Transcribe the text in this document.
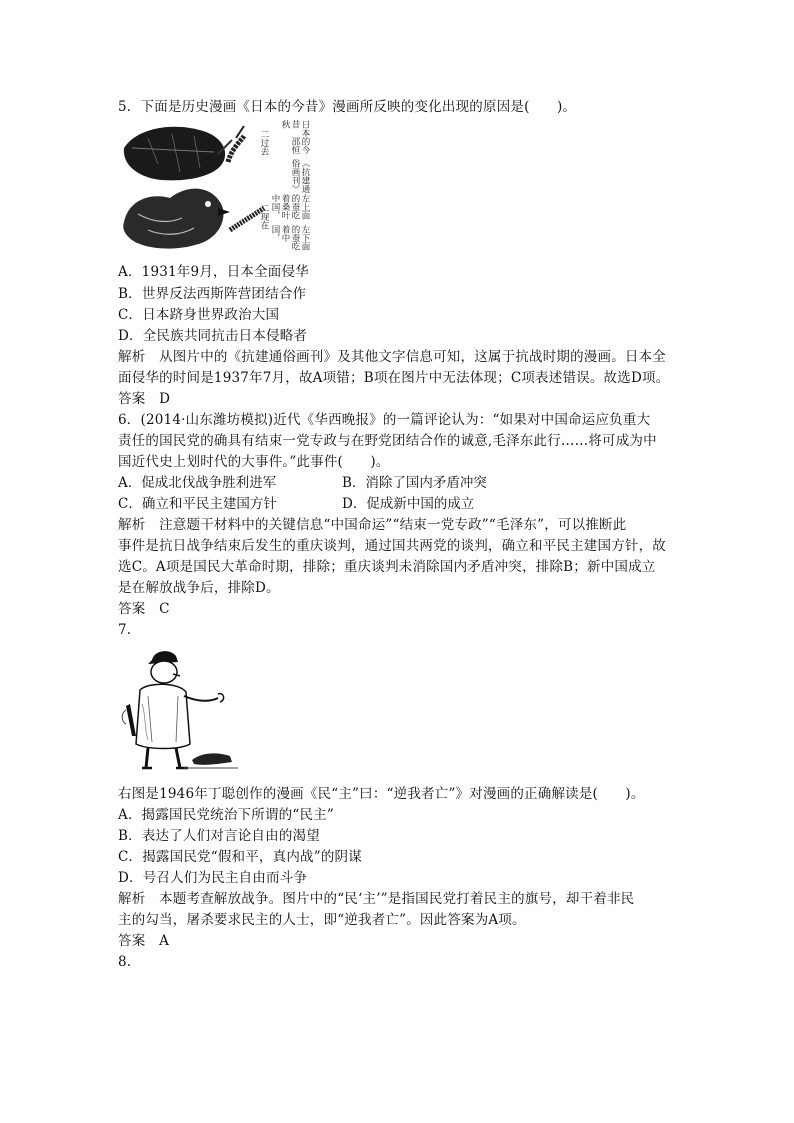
5．下面是历史漫画《日本的今昔》漫画所反映的变化出现的原因是(　　)。
日本的今昔　邵恒秋
《抗建通俗画刊》
左上面的蚕吃着桑叶中国，
左下面的蚕吃着中国，
二过去
二现在
A．1931年9月，日本全面侵华
B．世界反法西斯阵营团结合作
C．日本跻身世界政治大国
D．全民族共同抗击日本侵略者
解析　从图片中的《抗建通俗画刊》及其他文字信息可知，这属于抗战时期的漫画。日本全
面侵华的时间是1937年7月，故A项错；B项在图片中无法体现；C项表述错误。故选D项。
答案　D
6．(2014·山东潍坊模拟)近代《华西晚报》的一篇评论认为：“如果对中国命运应负重大
责任的国民党的确具有结束一党专政与在野党团结合作的诚意,毛泽东此行……将可成为中
国近代史上划时代的大事件。”此事件(　　)。
A．促成北伐战争胜利进军	B．消除了国内矛盾冲突
C．确立和平民主建国方针	D．促成新中国的成立
解析　注意题干材料中的关键信息“中国命运”“结束一党专政”“毛泽东”，可以推断此
事件是抗日战争结束后发生的重庆谈判，通过国共两党的谈判，确立和平民主建国方针，故
选C。A项是国民大革命时期，排除；重庆谈判未消除国内矛盾冲突，排除B；新中国成立
是在解放战争后，排除D。
答案　C
7.
右图是1946年丁聪创作的漫画《民“主”曰：“逆我者亡”》对漫画的正确解读是(　　)。
A．揭露国民党统治下所谓的“民主”
B．表达了人们对言论自由的渴望
C．揭露国民党“假和平，真内战”的阴谋
D．号召人们为民主自由而斗争
解析　本题考查解放战争。图片中的“民‘主’”是指国民党打着民主的旗号，却干着非民
主的勾当，屠杀要求民主的人士，即“逆我者亡”。因此答案为A项。
答案　A
8.
